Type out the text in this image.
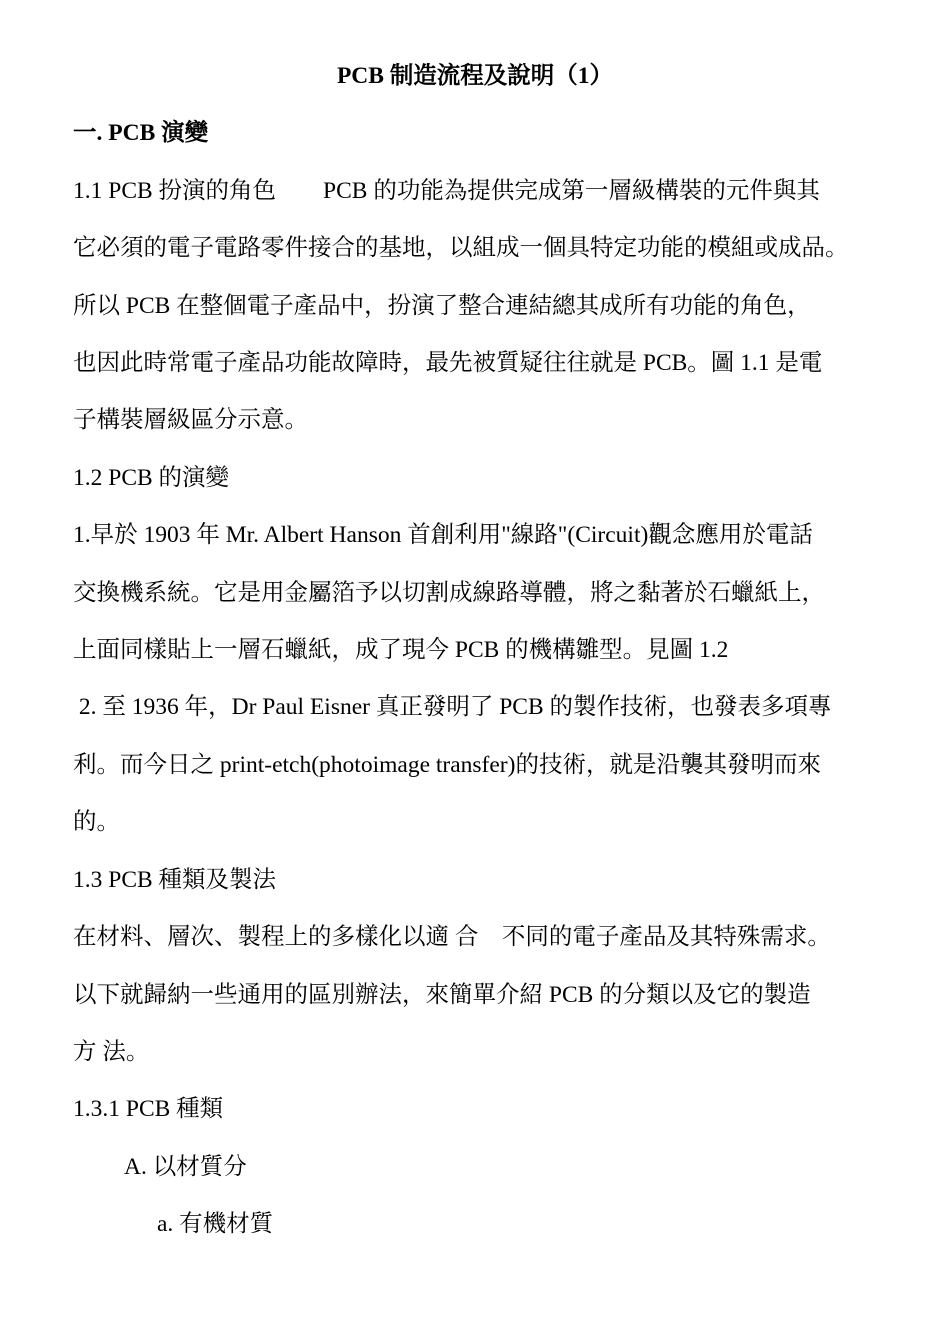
PCB 制造流程及說明（1）
一. PCB 演變
1.1 PCB 扮演的角色　　PCB 的功能為提供完成第一層級構裝的元件與其
它必須的電子電路零件接合的基地，以組成一個具特定功能的模組或成品。
所以 PCB 在整個電子產品中，扮演了整合連結總其成所有功能的角色，
也因此時常電子產品功能故障時，最先被質疑往往就是 PCB。圖 1.1 是電
子構裝層級區分示意。
1.2 PCB 的演變
1.早於 1903 年 Mr. Albert Hanson 首創利用"線路"(Circuit)觀念應用於電話
交換機系統。它是用金屬箔予以切割成線路導體，將之黏著於石蠟紙上，
上面同樣貼上一層石蠟紙，成了現今 PCB 的機構雛型。見圖 1.2
2. 至 1936 年，Dr Paul Eisner 真正發明了 PCB 的製作技術，也發表多項專
利。而今日之 print-etch(photoimage transfer)的技術，就是沿襲其發明而來
的。
1.3 PCB 種類及製法
在材料、層次、製程上的多樣化以適 合　不同的電子產品及其特殊需求。
以下就歸納一些通用的區別辦法，來簡單介紹 PCB 的分類以及它的製造
方 法。
1.3.1 PCB 種類
A. 以材質分
a. 有機材質
